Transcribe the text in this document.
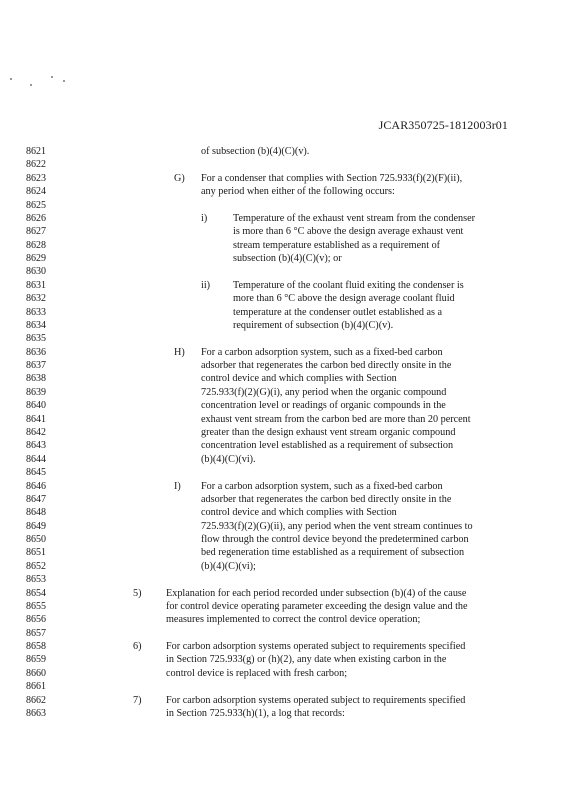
JCAR350725-1812003r01
8621	of subsection (b)(4)(C)(v).
8622
8623	G) For a condenser that complies with Section 725.933(f)(2)(F)(ii),
8624	any period when either of the following occurs:
8625
8626	i)	Temperature of the exhaust vent stream from the condenser
8627	is more than 6 °C above the design average exhaust vent
8628	stream temperature established as a requirement of
8629	subsection (b)(4)(C)(v); or
8630
8631	ii) Temperature of the coolant fluid exiting the condenser is
8632	more than 6 °C above the design average coolant fluid
8633	temperature at the condenser outlet established as a
8634	requirement of subsection (b)(4)(C)(v).
8635
8636	H) For a carbon adsorption system, such as a fixed-bed carbon
8637	adsorber that regenerates the carbon bed directly onsite in the
8638	control device and which complies with Section
8639	725.933(f)(2)(G)(i), any period when the organic compound
8640	concentration level or readings of organic compounds in the
8641	exhaust vent stream from the carbon bed are more than 20 percent
8642	greater than the design exhaust vent stream organic compound
8643	concentration level established as a requirement of subsection
8644	(b)(4)(C)(vi).
8645
8646	I) For a carbon adsorption system, such as a fixed-bed carbon
8647	adsorber that regenerates the carbon bed directly onsite in the
8648	control device and which complies with Section
8649	725.933(f)(2)(G)(ii), any period when the vent stream continues to
8650	flow through the control device beyond the predetermined carbon
8651	bed regeneration time established as a requirement of subsection
8652	(b)(4)(C)(vi);
8653
8654	5) Explanation for each period recorded under subsection (b)(4) of the cause
8655	for control device operating parameter exceeding the design value and the
8656	measures implemented to correct the control device operation;
8657
8658	6) For carbon adsorption systems operated subject to requirements specified
8659	in Section 725.933(g) or (h)(2), any date when existing carbon in the
8660	control device is replaced with fresh carbon;
8661
8662	7) For carbon adsorption systems operated subject to requirements specified
8663	in Section 725.933(h)(1), a log that records:
